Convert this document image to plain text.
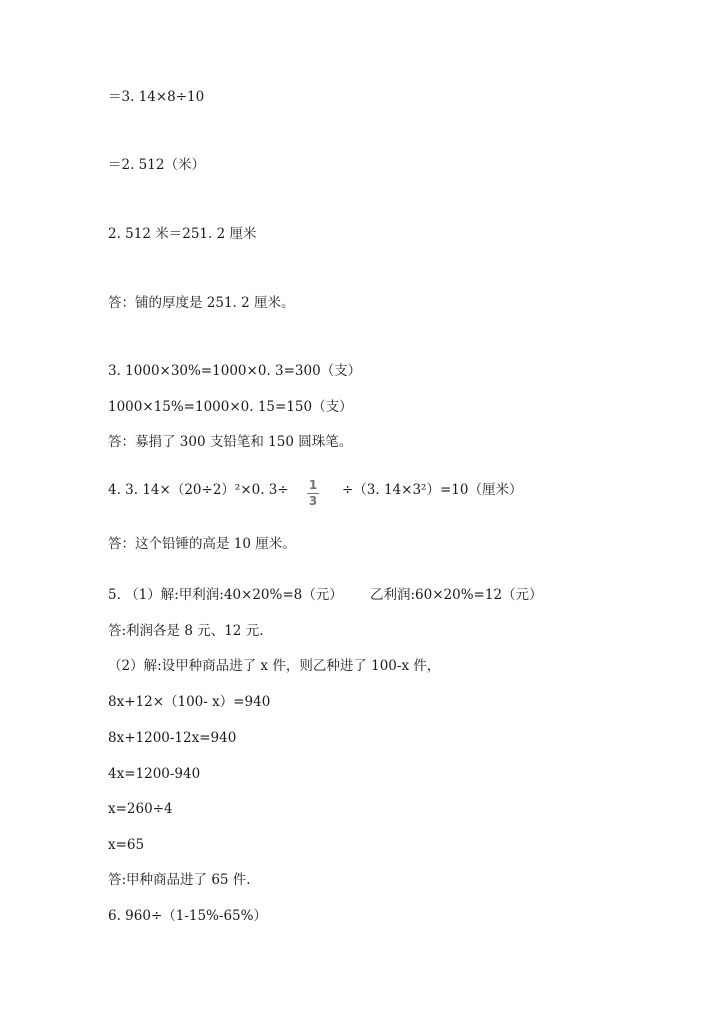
＝3. 14×8÷10
＝2. 512（米）
2. 512 米＝251. 2 厘米
答：铺的厚度是 251. 2 厘米。
3. 1000×30%=1000×0. 3=300（支）
1000×15%=1000×0. 15=150（支）
答：募捐了 300 支铅笔和 150 圆珠笔。
4. 3. 14×（20÷2）²×0. 3÷	÷（3. 14×3²）=10（厘米）
1
3
答：这个铅锤的高是 10 厘米。
5. （1）解:甲利润:40×20%=8（元） 乙利润:60×20%=12（元）
答:利润各是 8 元、12 元.
（2）解:设甲种商品进了 x 件，则乙种进了 100-x 件，
8x+12×（100- x）=940
8x+1200-12x=940
4x=1200-940
x=260÷4
x=65
答:甲种商品进了 65 件.
6. 960÷（1-15%-65%）
